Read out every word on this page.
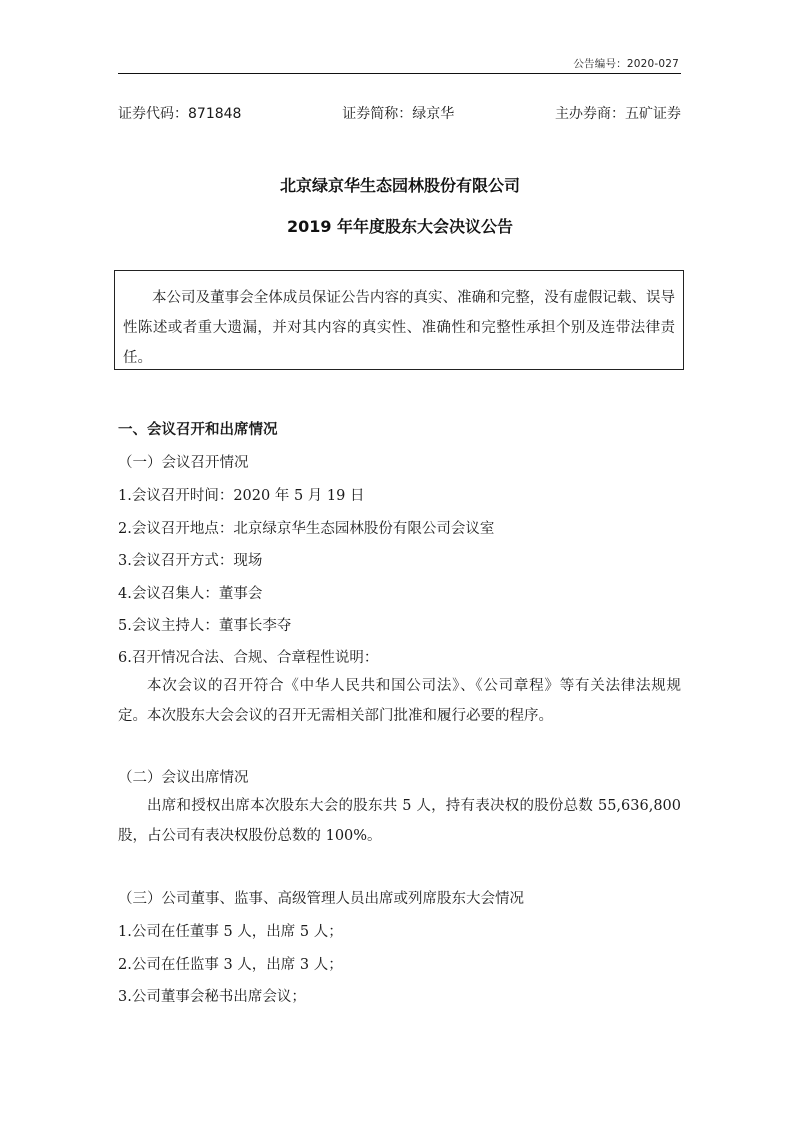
公告编号：2020-027
证券代码：871848	证券简称：绿京华	主办券商：五矿证券
北京绿京华生态园林股份有限公司
2019 年年度股东大会决议公告
本公司及董事会全体成员保证公告内容的真实、准确和完整，没有虚假记载、误导性陈述或者重大遗漏，并对其内容的真实性、准确性和完整性承担个别及连带法律责任。
一、会议召开和出席情况
（一）会议召开情况
1.会议召开时间：2020 年 5 月 19 日
2.会议召开地点：北京绿京华生态园林股份有限公司会议室
3.会议召开方式：现场
4.会议召集人：董事会
5.会议主持人：董事长李夺
6.召开情况合法、合规、合章程性说明：
本次会议的召开符合《中华人民共和国公司法》、《公司章程》等有关法律法规规定。本次股东大会会议的召开无需相关部门批准和履行必要的程序。
（二）会议出席情况
出席和授权出席本次股东大会的股东共 5 人，持有表决权的股份总数 55,636,800 股，占公司有表决权股份总数的 100%。
（三）公司董事、监事、高级管理人员出席或列席股东大会情况
1.公司在任董事 5 人，出席 5 人；
2.公司在任监事 3 人，出席 3 人；
3.公司董事会秘书出席会议；
